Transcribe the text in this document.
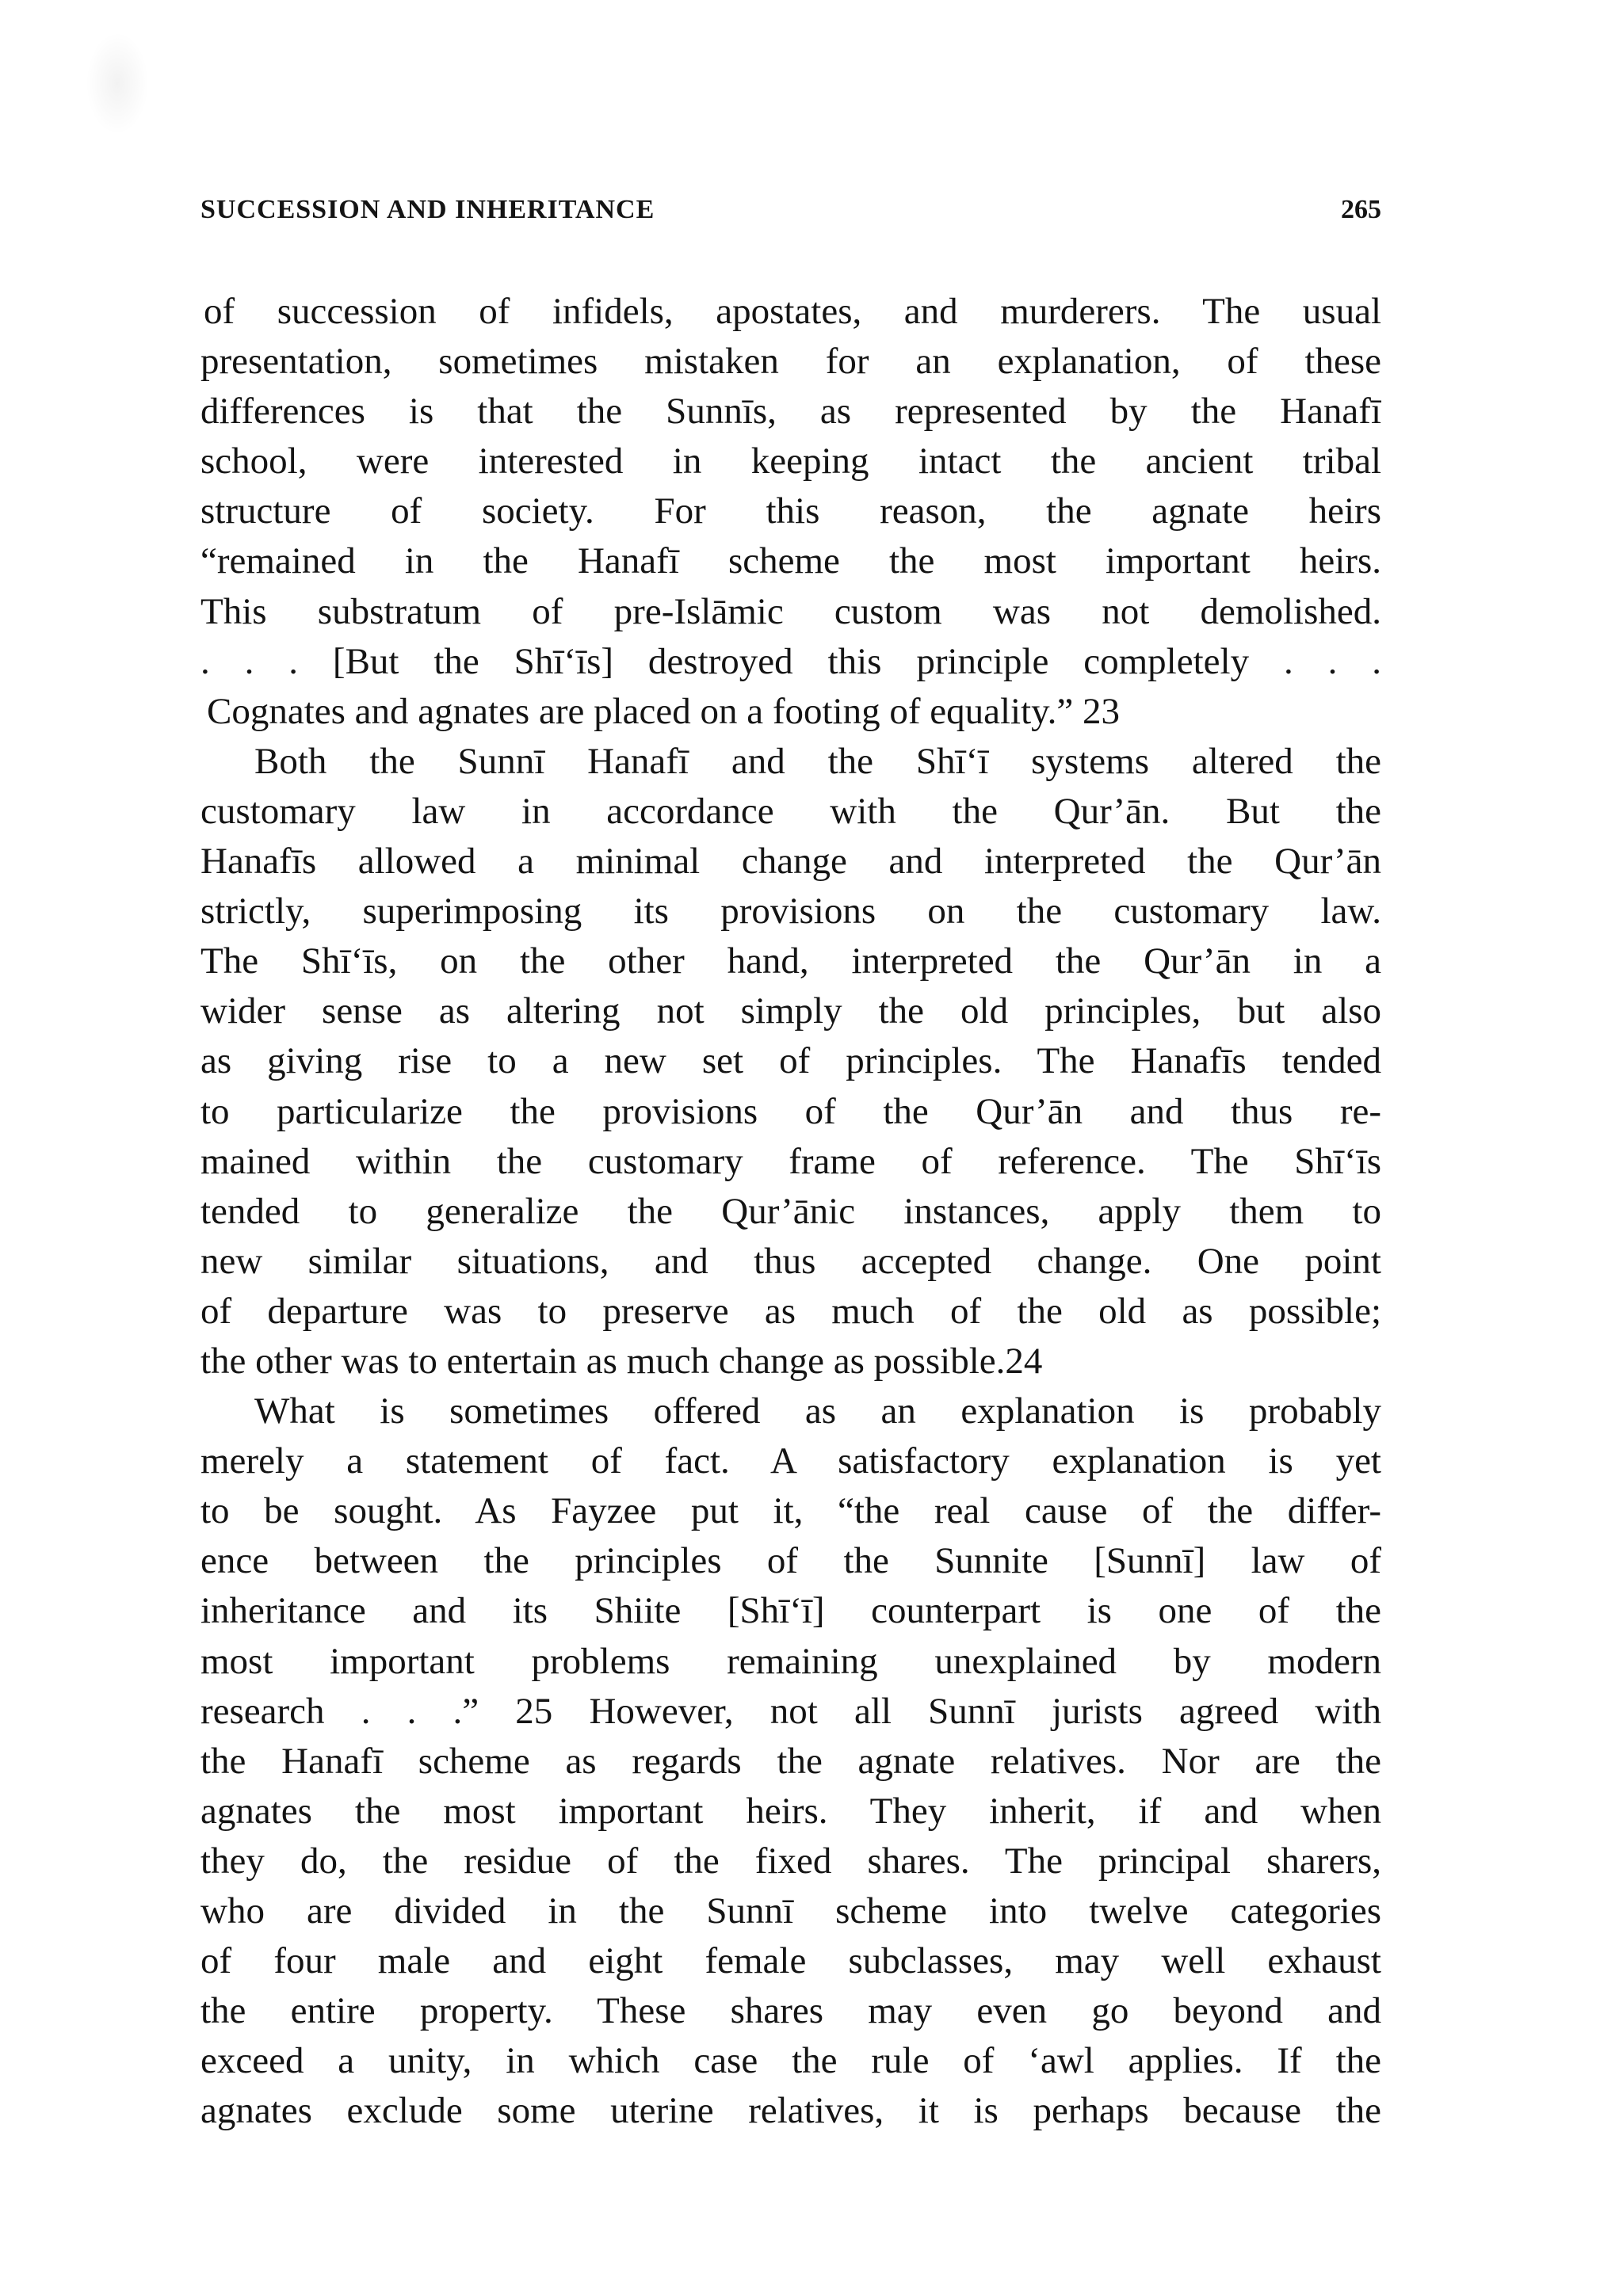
SUCCESSION AND INHERITANCE	265
of succession of infidels, apostates, and murderers. The usual
presentation, sometimes mistaken for an explanation, of these
differences is that the Sunnīs, as represented by the Hanafī
school, were interested in keeping intact the ancient tribal
structure of society. For this reason, the agnate heirs
“remained in the Hanafī scheme the most important heirs.
This substratum of pre-Islāmic custom was not demolished.
. . . [But the Shī‘īs] destroyed this principle completely . . .
Cognates and agnates are placed on a footing of equality.” 23
Both the Sunnī Hanafī and the Shī‘ī systems altered the
customary law in accordance with the Qur’ān. But the
Hanafīs allowed a minimal change and interpreted the Qur’ān
strictly, superimposing its provisions on the customary law.
The Shī‘īs, on the other hand, interpreted the Qur’ān in a
wider sense as altering not simply the old principles, but also
as giving rise to a new set of principles. The Hanafīs tended
to particularize the provisions of the Qur’ān and thus re-
mained within the customary frame of reference. The Shī‘īs
tended to generalize the Qur’ānic instances, apply them to
new similar situations, and thus accepted change. One point
of departure was to preserve as much of the old as possible;
the other was to entertain as much change as possible.24
What is sometimes offered as an explanation is probably
merely a statement of fact. A satisfactory explanation is yet
to be sought. As Fayzee put it, “the real cause of the differ-
ence between the principles of the Sunnite [Sunnī] law of
inheritance and its Shiite [Shī‘ī] counterpart is one of the
most important problems remaining unexplained by modern
research . . .” 25 However, not all Sunnī jurists agreed with
the Hanafī scheme as regards the agnate relatives. Nor are the
agnates the most important heirs. They inherit, if and when
they do, the residue of the fixed shares. The principal sharers,
who are divided in the Sunnī scheme into twelve categories
of four male and eight female subclasses, may well exhaust
the entire property. These shares may even go beyond and
exceed a unity, in which case the rule of ‘awl applies. If the
agnates exclude some uterine relatives, it is perhaps because the
